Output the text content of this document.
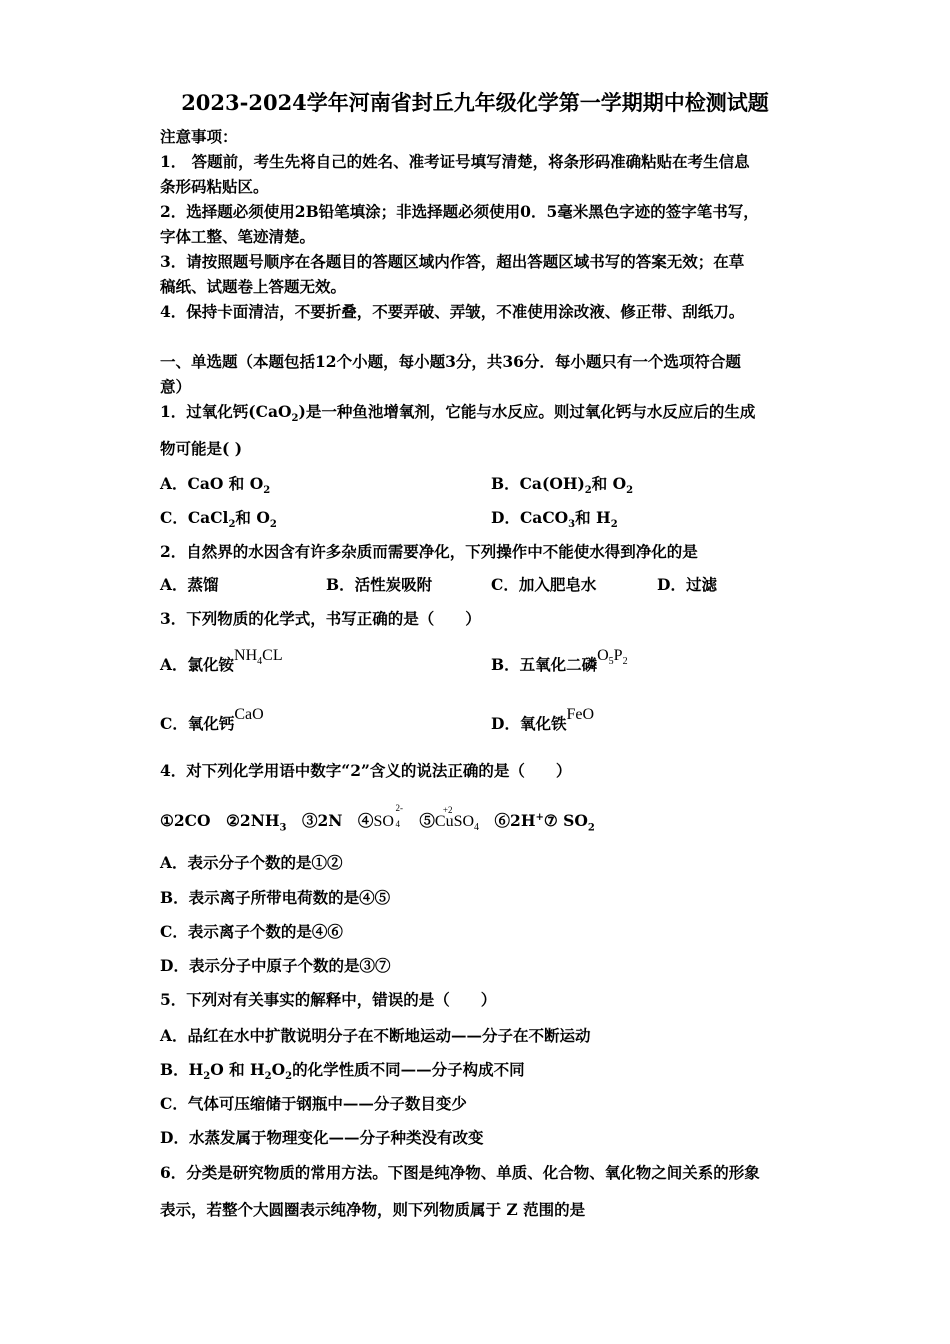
2023-2024学年河南省封丘九年级化学第一学期期中检测试题
注意事项：
1． 答题前，考生先将自己的姓名、准考证号填写清楚，将条形码准确粘贴在考生信息
条形码粘贴区。
2．选择题必须使用2B铅笔填涂；非选择题必须使用0．5毫米黑色字迹的签字笔书写，
字体工整、笔迹清楚。
3．请按照题号顺序在各题目的答题区域内作答，超出答题区域书写的答案无效；在草
稿纸、试题卷上答题无效。
4．保持卡面清洁，不要折叠，不要弄破、弄皱，不准使用涂改液、修正带、刮纸刀。
一、单选题（本题包括12个小题，每小题3分，共36分．每小题只有一个选项符合题
意）
1．过氧化钙(CaO$_2$)是一种鱼池增氧剂，它能与水反应。则过氧化钙与水反应后的生成
物可能是( )
A．CaO 和 $O_2$	B．$Ca(OH)_2$和 $O_2$
C．CaCl$_2$和 $O_2$	D．CaCO$_3$和 $H_2$
2．自然界的水因含有许多杂质而需要净化，下列操作中不能使水得到净化的是
A．蒸馏	B．活性炭吸附	C．加入肥皂水	D．过滤
3．下列物质的化学式，书写正确的是（　　）
A．氯化铵$NH_4CL$	B．五氧化二磷$O_5P_2$
C．氧化钙CaO	D．氧化铁FeO
4．对下列化学用语中数字“2”含义的说法正确的是（　　）
①2CO　$②2NH_3$　③2N　④SO
2-
4 　⑤
+2
CuSO$_4$　⑥2H+⑦ $SO_2$
A．表示分子个数的是①②
B．表示离子所带电荷数的是④⑤
C．表示离子个数的是④⑥
D．表示分子中原子个数的是③⑦
5．下列对有关事实的解释中，错误的是（　　）
A．品红在水中扩散说明分子在不断地运动——分子在不断运动
B．$H_2O$ 和 $H_2O_2$的化学性质不同——分子构成不同
C．气体可压缩储于钢瓶中——分子数目变少
D．水蒸发属于物理变化——分子种类没有改变
6．分类是研究物质的常用方法。下图是纯净物、单质、化合物、氧化物之间关系的形象
表示，若整个大圆圈表示纯净物，则下列物质属于 Z 范围的是
